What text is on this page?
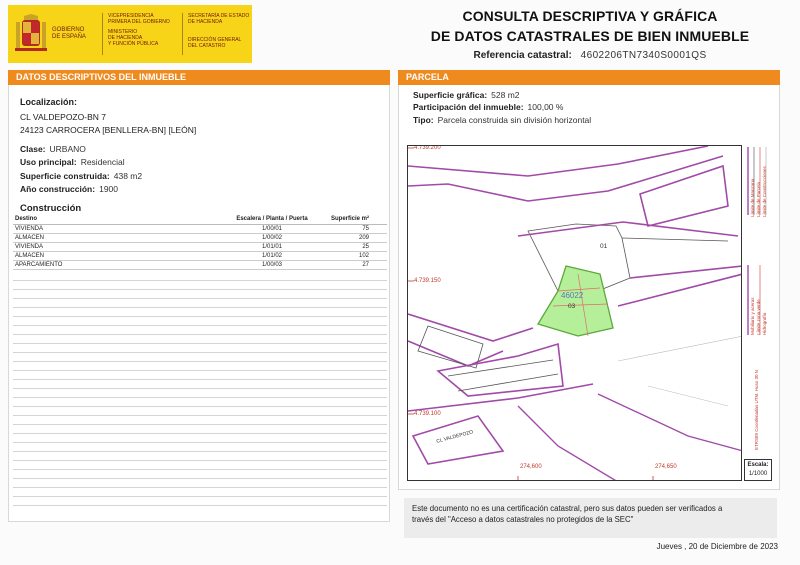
GOBIERNO
DE ESPAÑA
VICEPRESIDENCIA
PRIMERA DEL GOBIERNO
MINISTERIO
DE HACIENDA
Y FUNCIÓN PÚBLICA
SECRETARÍA DE ESTADO
DE HACIENDA
DIRECCIÓN GENERAL
DEL CATASTRO
CONSULTA DESCRIPTIVA Y GRÁFICA
DE DATOS CATASTRALES DE BIEN INMUEBLE
Referencia catastral: 4602206TN7340S0001QS
DATOS DESCRIPTIVOS DEL INMUEBLE
Localización:
CL VALDEPOZO-BN 7
24123 CARROCERA [BENLLERA-BN] [LEÓN]
Clase: URBANO
Uso principal: Residencial
Superficie construida: 438 m2
Año construcción: 1900
Construcción
Destino	Escalera / Planta / Puerta	Superficie m²
VIVIENDA	1/00/01	75
ALMACEN	1/00/02	209
VIVIENDA	1/01/01	25
ALMACEN	1/01/02	102
APARCAMIENTO	1/00/03	27
PARCELA
Superficie gráfica: 528 m2
Participación del inmueble: 100,00 %
Tipo: Parcela construida sin división horizontal
4.739.200
4.739.150
4.739.100
274,600	274,650
46022
03
01
CL VALDEPOZO
Límite de Manzana Límite de Parcela Límite de Construcciones
Mobiliario y aceras Límite zona verde Hidrografía
ETRS89 Coordenadas UTM. Huso 30 N
Escala:
1/1000
Este documento no es una certificación catastral, pero sus datos pueden ser verificados a
través del "Acceso a datos catastrales no protegidos de la SEC"
Jueves , 20 de Diciembre de 2023
